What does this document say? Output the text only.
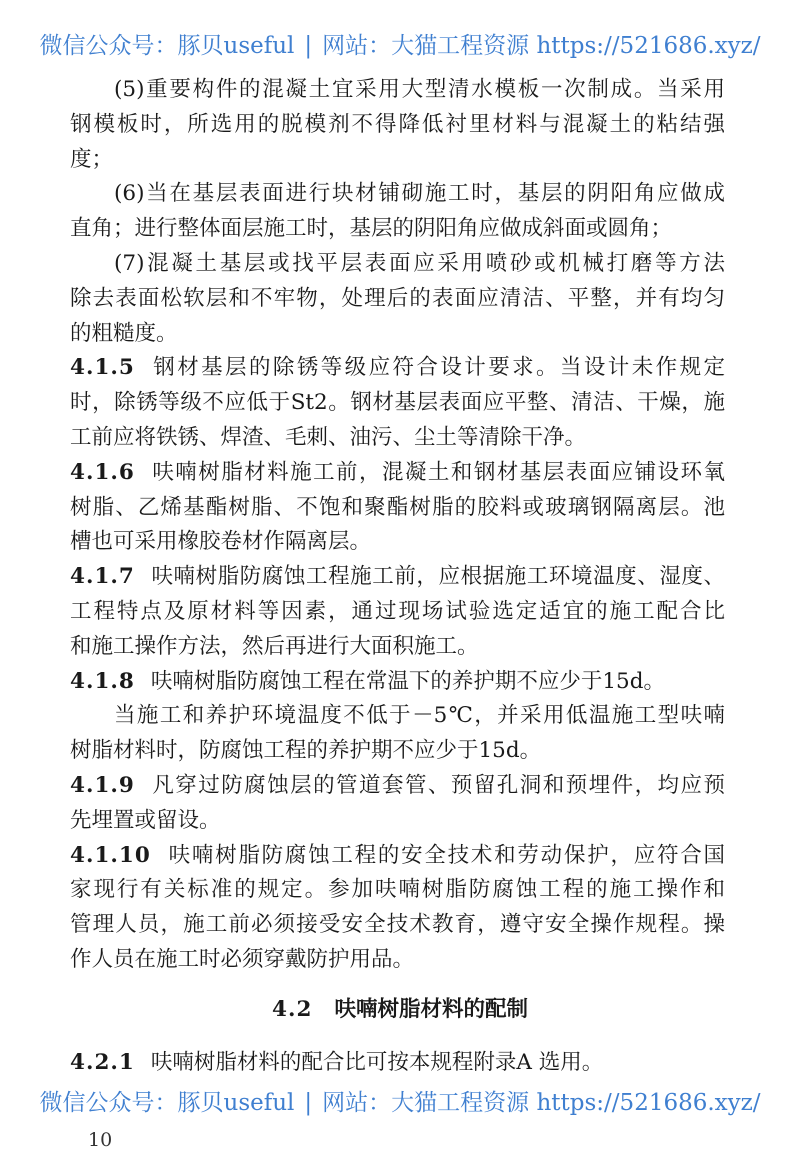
微信公众号：豚贝useful | 网站：大猫工程资源 https://521686.xyz/
(5)重要构件的混凝土宜采用大型清水模板一次制成。当采用
钢模板时，所选用的脱模剂不得降低衬里材料与混凝土的粘结强
度；
(6)当在基层表面进行块材铺砌施工时，基层的阴阳角应做成
直角；进行整体面层施工时，基层的阴阳角应做成斜面或圆角；
(7)混凝土基层或找平层表面应采用喷砂或机械打磨等方法
除去表面松软层和不牢物，处理后的表面应清洁、平整，并有均匀
的粗糙度。
4.1.5 钢材基层的除锈等级应符合设计要求。当设计未作规定
时，除锈等级不应低于St2。钢材基层表面应平整、清洁、干燥，施
工前应将铁锈、焊渣、毛刺、油污、尘土等清除干净。
4.1.6 呋喃树脂材料施工前，混凝土和钢材基层表面应铺设环氧
树脂、乙烯基酯树脂、不饱和聚酯树脂的胶料或玻璃钢隔离层。池
槽也可采用橡胶卷材作隔离层。
4.1.7 呋喃树脂防腐蚀工程施工前，应根据施工环境温度、湿度、
工程特点及原材料等因素，通过现场试验选定适宜的施工配合比
和施工操作方法，然后再进行大面积施工。
4.1.8 呋喃树脂防腐蚀工程在常温下的养护期不应少于15d。
当施工和养护环境温度不低于－5℃，并采用低温施工型呋喃
树脂材料时，防腐蚀工程的养护期不应少于15d。
4.1.9 凡穿过防腐蚀层的管道套管、预留孔洞和预埋件，均应预
先埋置或留设。
4.1.10 呋喃树脂防腐蚀工程的安全技术和劳动保护，应符合国
家现行有关标准的规定。参加呋喃树脂防腐蚀工程的施工操作和
管理人员，施工前必须接受安全技术教育，遵守安全操作规程。操
作人员在施工时必须穿戴防护用品。
4.2 呋喃树脂材料的配制
4.2.1 呋喃树脂材料的配合比可按本规程附录A 选用。
微信公众号：豚贝useful | 网站：大猫工程资源 https://521686.xyz/
10
